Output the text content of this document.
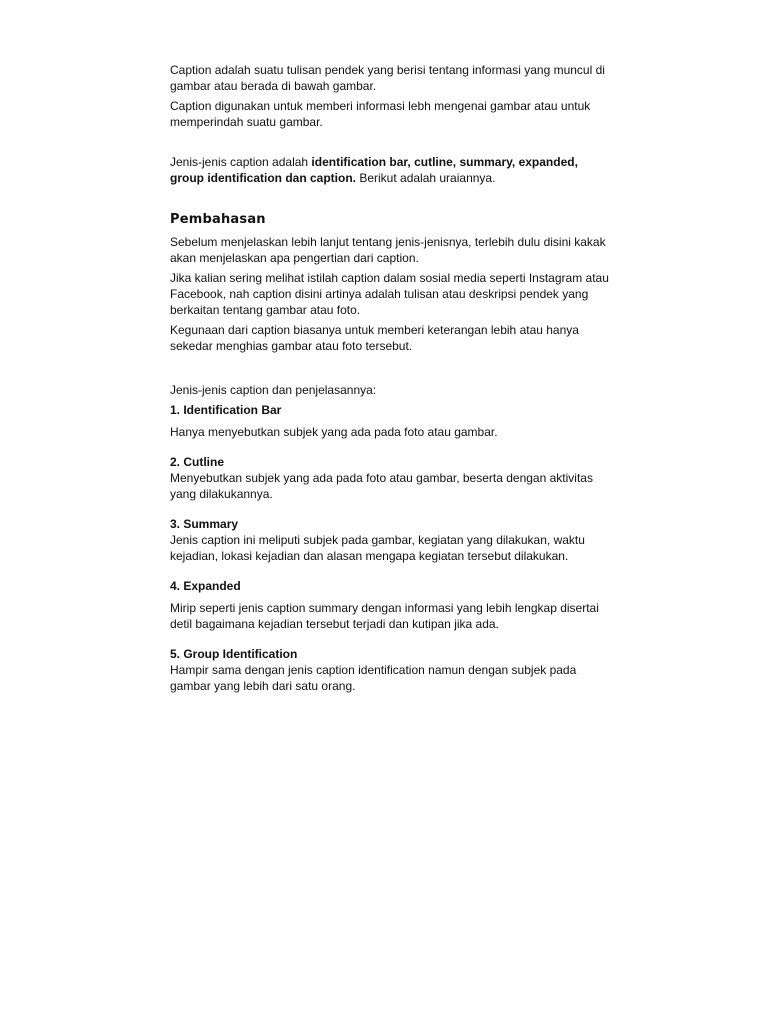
Caption adalah suatu tulisan pendek yang berisi tentang informasi yang muncul di gambar atau berada di bawah gambar.

Caption digunakan untuk memberi informasi lebh mengenai gambar atau untuk memperindah suatu gambar.

Jenis-jenis caption adalah identification bar, cutline, summary, expanded, group identification dan caption. Berikut adalah uraiannya.

Pembahasan

Sebelum menjelaskan lebih lanjut tentang jenis-jenisnya, terlebih dulu disini kakak akan menjelaskan apa pengertian dari caption.

Jika kalian sering melihat istilah caption dalam sosial media seperti Instagram atau Facebook, nah caption disini artinya adalah tulisan atau deskripsi pendek yang berkaitan tentang gambar atau foto.

Kegunaan dari caption biasanya untuk memberi keterangan lebih atau hanya sekedar menghias gambar atau foto tersebut.

Jenis-jenis caption dan penjelasannya:

1. Identification Bar

Hanya menyebutkan subjek yang ada pada foto atau gambar.

2. Cutline

Menyebutkan subjek yang ada pada foto atau gambar, beserta dengan aktivitas yang dilakukannya.

3. Summary

Jenis caption ini meliputi subjek pada gambar, kegiatan yang dilakukan, waktu kejadian, lokasi kejadian dan alasan mengapa kegiatan tersebut dilakukan.

4. Expanded

Mirip seperti jenis caption summary dengan informasi yang lebih lengkap disertai detil bagaimana kejadian tersebut terjadi dan kutipan jika ada.

5. Group Identification

Hampir sama dengan jenis caption identification namun dengan subjek pada gambar yang lebih dari satu orang.
